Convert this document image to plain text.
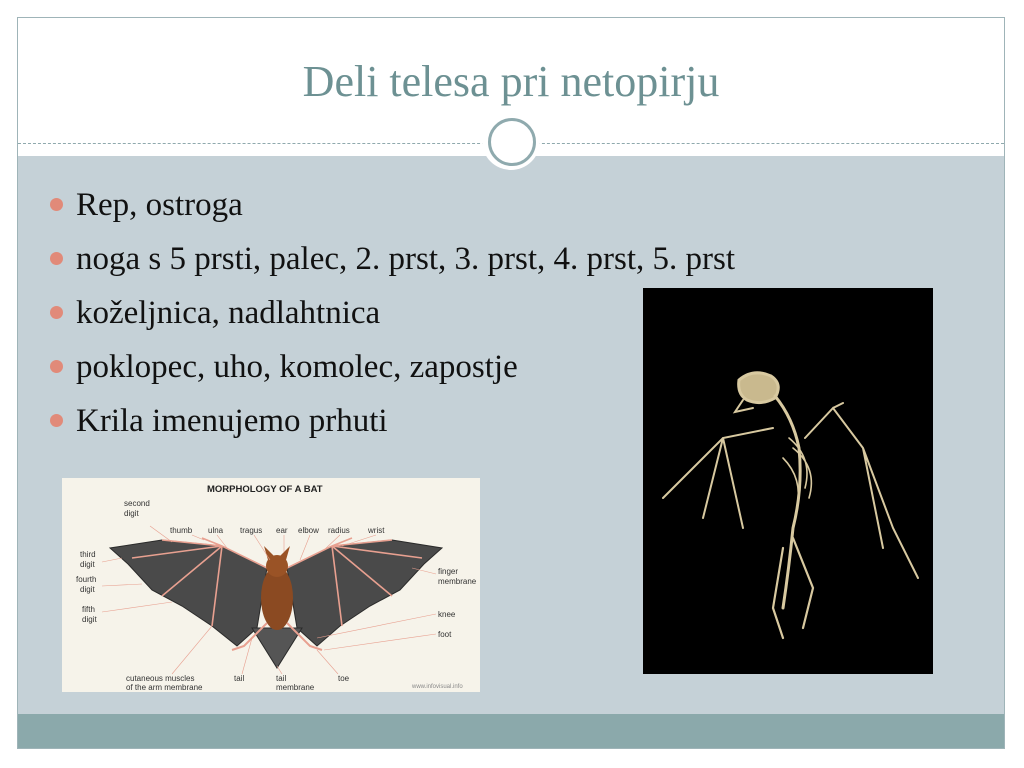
Deli telesa pri netopirju
Rep, ostroga
noga s 5 prsti, palec, 2. prst, 3. prst, 4. prst, 5. prst
koželjnica, nadlahtnica
poklopec, uho, komolec, zapostje
Krila imenujemo prhuti
MORPHOLOGY OF A BAT
second
digit
thumb ulna tragus ear elbow radius wrist
third
digit
fourth
digit
fifth
digit
finger
membrane
knee
foot
cutaneous muscles
of the arm membrane
tail	tail
membrane
toe
www.infovisual.info
